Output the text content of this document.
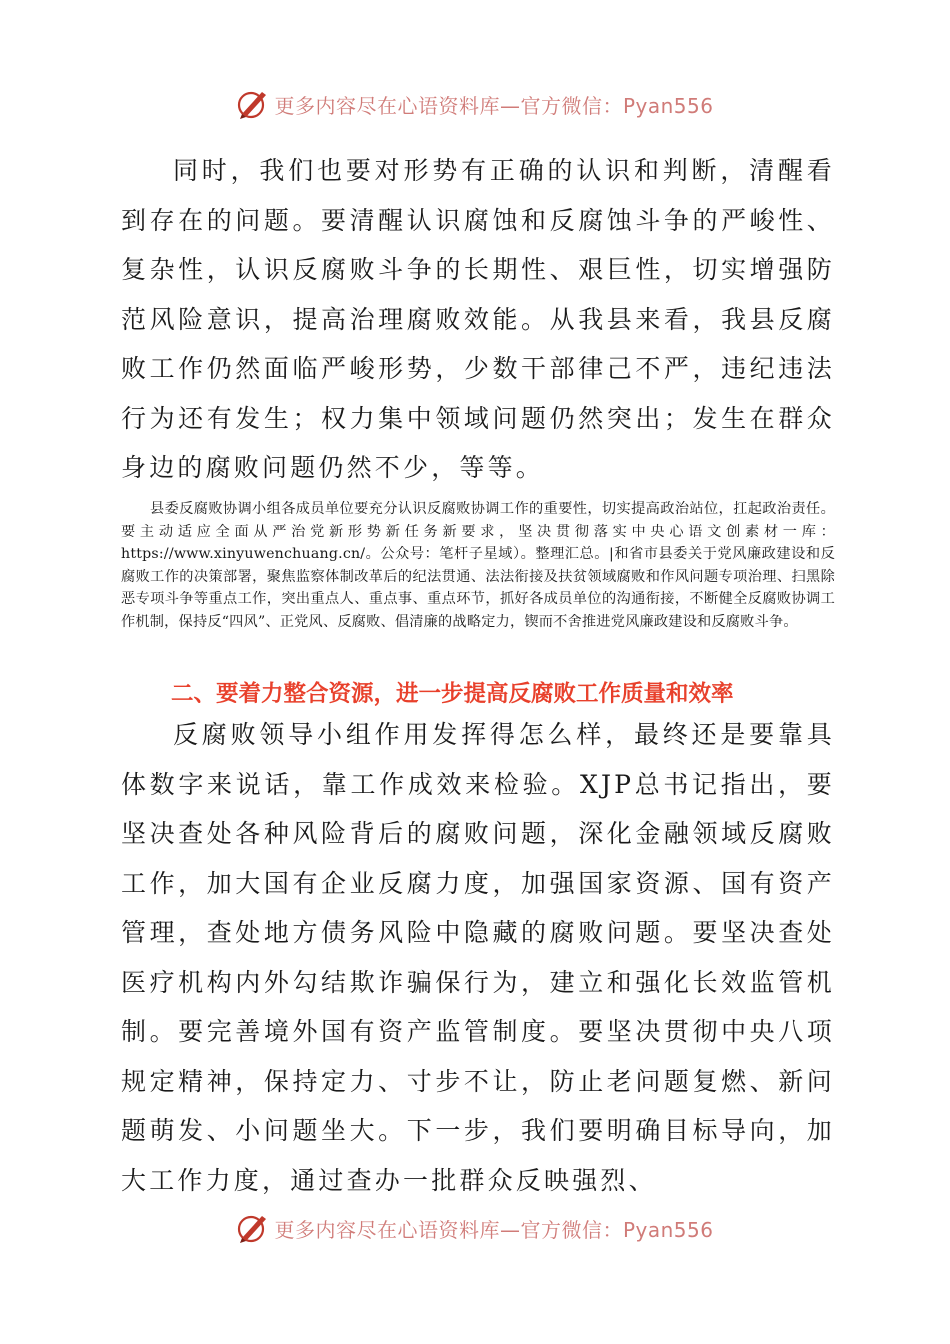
更多内容尽在心语资料库—官方微信：Pyan556

同时，我们也要对形势有正确的认识和判断，清醒看到存在的问题。要清醒认识腐蚀和反腐蚀斗争的严峻性、复杂性，认识反腐败斗争的长期性、艰巨性，切实增强防范风险意识，提高治理腐败效能。从我县来看，我县反腐败工作仍然面临严峻形势，少数干部律己不严，违纪违法行为还有发生；权力集中领域问题仍然突出；发生在群众身边的腐败问题仍然不少，等等。

县委反腐败协调小组各成员单位要充分认识反腐败协调工作的重要性，切实提高政治站位，扛起政治责任。要主动适应全面从严治党新形势新任务新要求，坚决贯彻落实中央心语文创素材一库：https://www.xinyuwenchuang.cn/。公众号：笔杆子星域）。整理汇总。|和省市县委关于党风廉政建设和反腐败工作的决策部署，聚焦监察体制改革后的纪法贯通、法法衔接及扶贫领域腐败和作风问题专项治理、扫黑除恶专项斗争等重点工作，突出重点人、重点事、重点环节，抓好各成员单位的沟通衔接，不断健全反腐败协调工作机制，保持反“四风”、正党风、反腐败、倡清廉的战略定力，锲而不舍推进党风廉政建设和反腐败斗争。

二、要着力整合资源，进一步提高反腐败工作质量和效率

反腐败领导小组作用发挥得怎么样，最终还是要靠具体数字来说话，靠工作成效来检验。XJP总书记指出，要坚决查处各种风险背后的腐败问题，深化金融领域反腐败工作，加大国有企业反腐力度，加强国家资源、国有资产管理，查处地方债务风险中隐藏的腐败问题。要坚决查处医疗机构内外勾结欺诈骗保行为，建立和强化长效监管机制。要完善境外国有资产监管制度。要坚决贯彻中央八项规定精神，保持定力、寸步不让，防止老问题复燃、新问题萌发、小问题坐大。下一步，我们要明确目标导向，加大工作力度，通过查办一批群众反映强烈、

更多内容尽在心语资料库—官方微信：Pyan556
